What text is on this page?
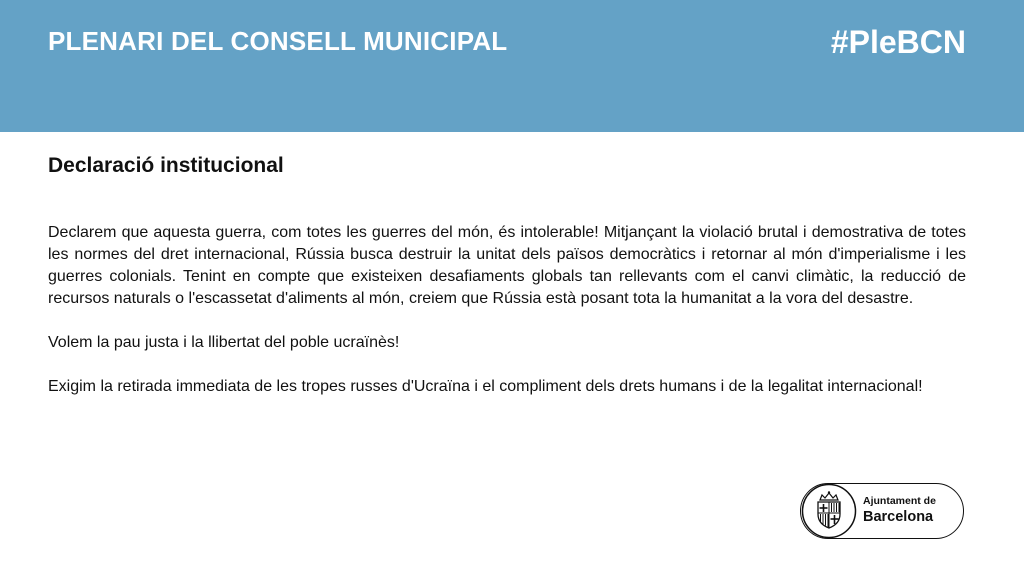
PLENARI DEL CONSELL MUNICIPAL	#PleBCN
Declaració institucional

Declarem que aquesta guerra, com totes les guerres del món, és intolerable! Mitjançant la violació brutal i demostrativa de totes les normes del dret internacional, Rússia busca destruir la unitat dels països democràtics i retornar al món d'imperialisme i les guerres colonials. Tenint en compte que existeixen desafiaments globals tan rellevants com el canvi climàtic, la reducció de recursos naturals o l'escassetat d'aliments al món, creiem que Rússia està posant tota la humanitat a la vora del desastre.

Volem la pau justa i la llibertat del poble ucraïnès!

Exigim la retirada immediata de les tropes russes d'Ucraïna i el compliment dels drets humans i de la legalitat internacional!

Ajuntament de
Barcelona
